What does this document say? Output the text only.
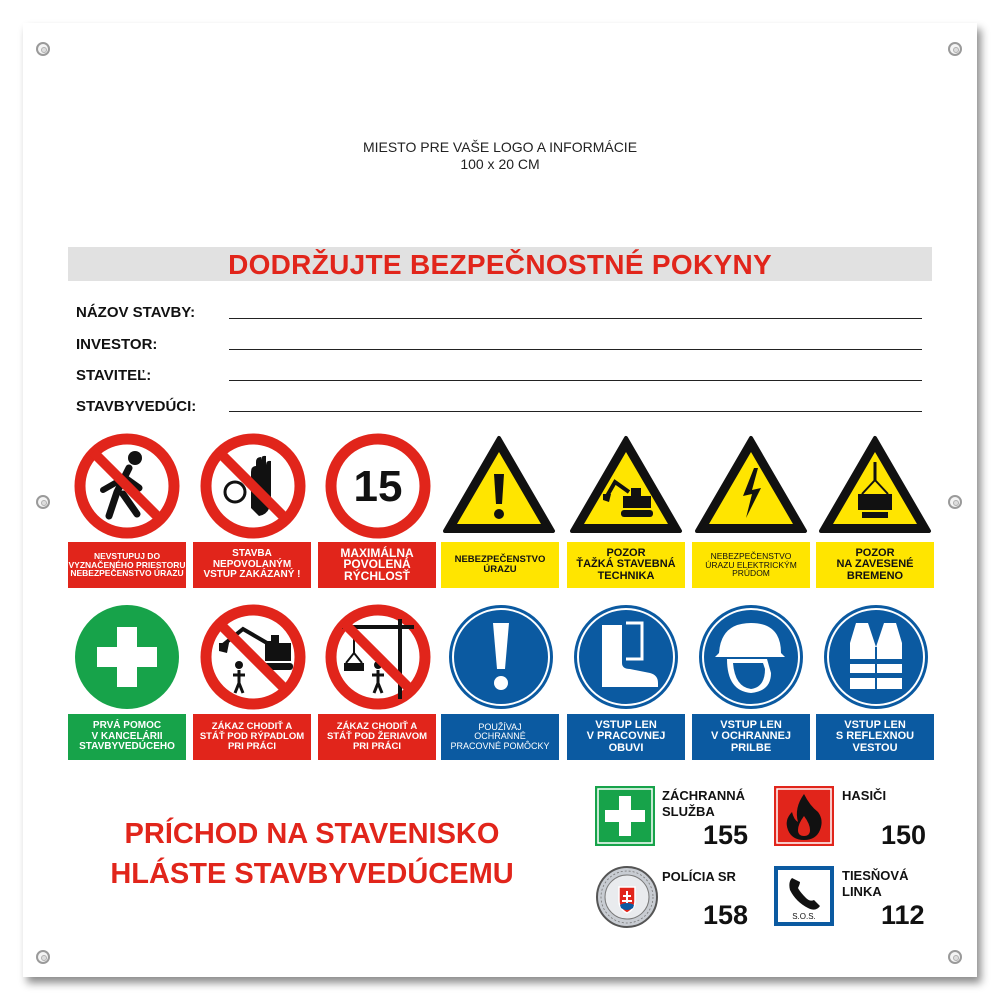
MIESTO PRE VAŠE LOGO A INFORMÁCIE
100 x 20 CM
DODRŽUJTE BEZPEČNOSTNÉ POKYNY
NÁZOV STAVBY:
INVESTOR:
STAVITEĽ:
STAVBYVEDÚCI:
15
NEVSTUPUJ DO
VYZNAČENÉHO PRIESTORU
NEBEZPEČENSTVO ÚRAZU
STAVBA
NEPOVOLANÝM
VSTUP ZAKÁZANÝ !
MAXIMÁLNA
POVOLENÁ
RÝCHLOSŤ
NEBEZPEČENSTVO
ÚRAZU
POZOR
ŤAŽKÁ STAVEBNÁ
TECHNIKA
NEBEZPEČENSTVO
ÚRAZU ELEKTRICKÝM
PRÚDOM
POZOR
NA ZAVESENÉ
BREMENO
PRVÁ POMOC
V KANCELÁRII
STAVBYVEDÚCEHO
ZÁKAZ CHODIŤ A
STÁŤ POD RÝPADLOM
PRI PRÁCI
ZÁKAZ CHODIŤ A
STÁŤ POD ŽERIAVOM
PRI PRÁCI
POUŽÍVAJ
OCHRANNÉ
PRACOVNÉ POMÔCKY
VSTUP LEN
V PRACOVNEJ
OBUVI
VSTUP LEN
V OCHRANNEJ
PRILBE
VSTUP LEN
S REFLEXNOU
VESTOU
PRÍCHOD NA STAVENISKO
HLÁSTE STAVBYVEDÚCEMU
ZÁCHRANNÁ
SLUŽBA
155
HASIČI
150
POLÍCIA SR
158	S.O.S.
TIESŇOVÁ
LINKA
112
